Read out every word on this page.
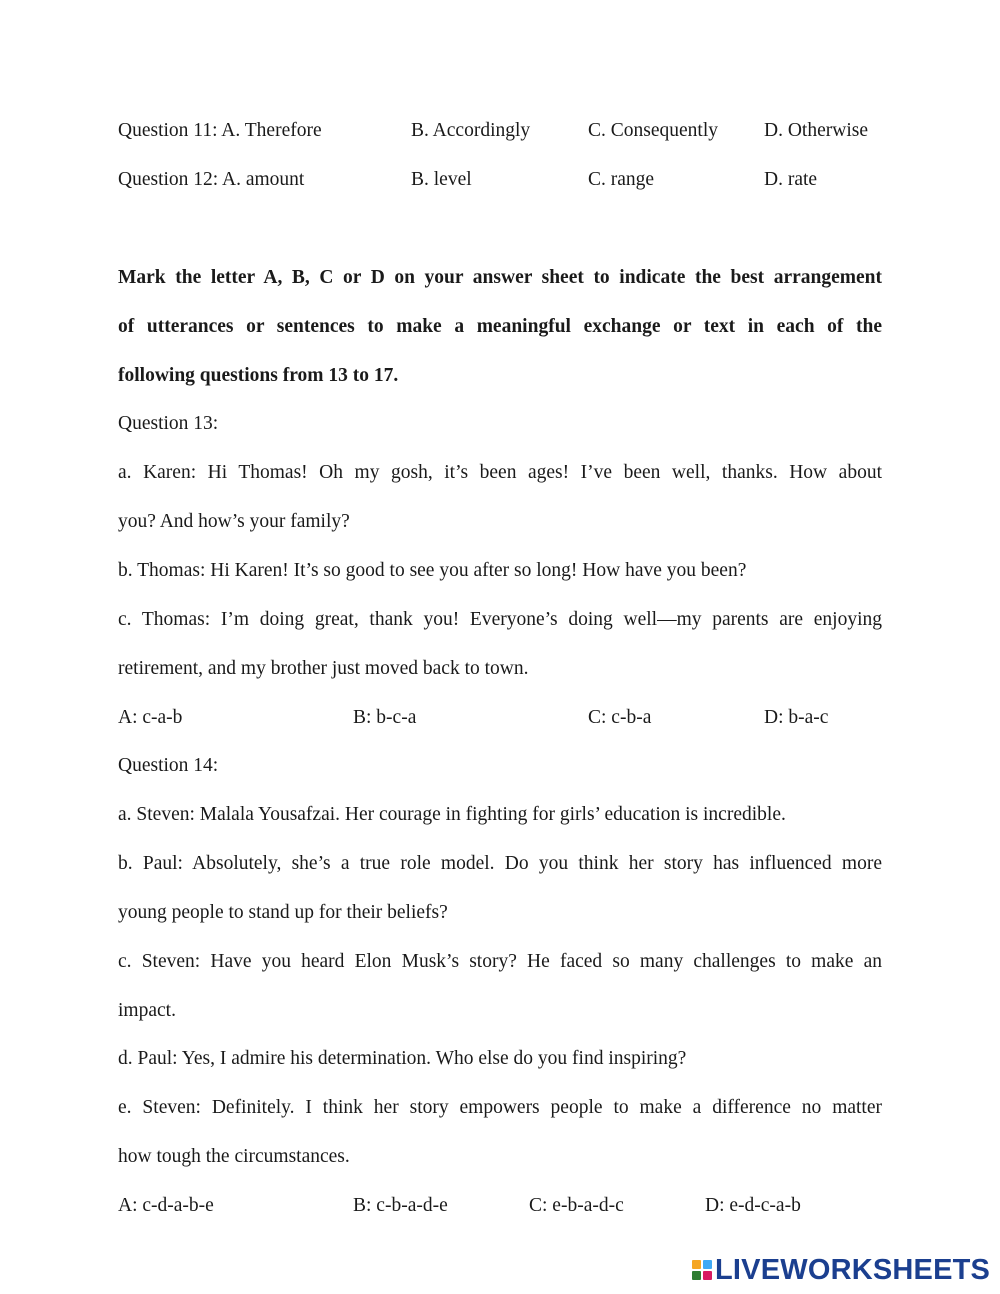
Question 11: A. Therefore	B. Accordingly	C. Consequently D. Otherwise
Question 12: A. amount	B. level	C. range	D. rate
Mark the letter A, B, C or D on your answer sheet to indicate the best arrangement
of utterances or sentences to make a meaningful exchange or text in each of the
following questions from 13 to 17.
Question 13:
a. Karen: Hi Thomas! Oh my gosh, it’s been ages! I’ve been well, thanks. How about
you? And how’s your family?
b. Thomas: Hi Karen! It’s so good to see you after so long! How have you been?
c. Thomas: I’m doing great, thank you! Everyone’s doing well—my parents are enjoying
retirement, and my brother just moved back to town.
A: c-a-b	B: b-c-a	C: c-b-a	D: b-a-c
Question 14:
a. Steven: Malala Yousafzai. Her courage in fighting for girls’ education is incredible.
b. Paul: Absolutely, she’s a true role model. Do you think her story has influenced more
young people to stand up for their beliefs?
c. Steven: Have you heard Elon Musk’s story? He faced so many challenges to make an
impact.
d. Paul: Yes, I admire his determination. Who else do you find inspiring?
e. Steven: Definitely. I think her story empowers people to make a difference no matter
how tough the circumstances.
A: c-d-a-b-e	B: c-b-a-d-e	C: e-b-a-d-c	D: e-d-c-a-b
LIVEWORKSHEETS
